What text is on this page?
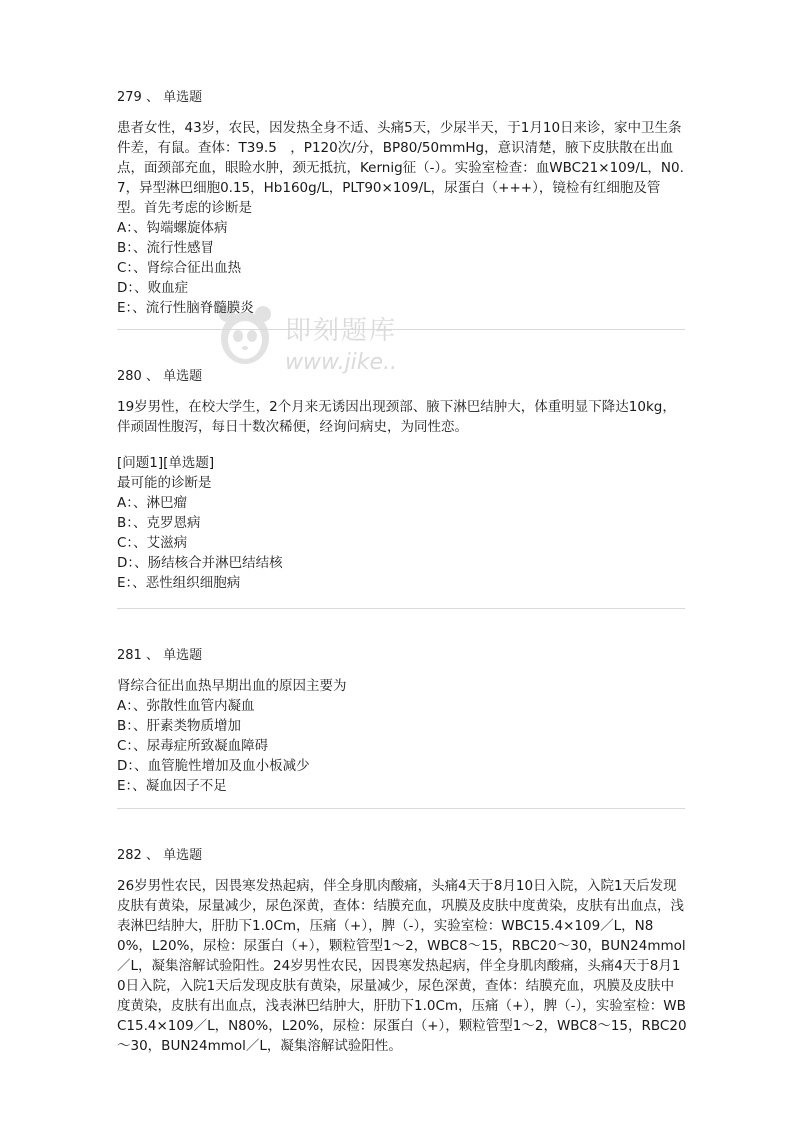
即刻题库
www.jike..
279 、 单选题

患者女性，43岁，农民，因发热全身不适、头痛5天，少尿半天，于1月10日来诊，家中卫生条件差，有鼠。查体：T39.5　，P120次/分，BP80/50mmHg，意识清楚，腋下皮肤散在出血点，面颈部充血，眼睑水肿，颈无抵抗，Kernig征（-）。实验室检查：血WBC21×109/L，N0.7，异型淋巴细胞0.15，Hb160g/L，PLT90×109/L，尿蛋白（+++），镜检有红细胞及管型。首先考虑的诊断是

A：、钩端螺旋体病
B：、流行性感冒
C：、肾综合征出血热
D：、败血症
E：、流行性脑脊髓膜炎
280 、 单选题

19岁男性，在校大学生，2个月来无诱因出现颈部、腋下淋巴结肿大，体重明显下降达10kg，伴顽固性腹泻，每日十数次稀便，经询问病史，为同性恋。

[问题1][单选题]
最可能的诊断是
A：、淋巴瘤
B：、克罗恩病
C：、艾滋病
D：、肠结核合并淋巴结结核
E：、恶性组织细胞病
281 、 单选题

肾综合征出血热早期出血的原因主要为

A：、弥散性血管内凝血
B：、肝素类物质增加
C：、尿毒症所致凝血障碍
D：、血管脆性增加及血小板减少
E：、凝血因子不足
282 、 单选题

26岁男性农民，因畏寒发热起病，伴全身肌肉酸痛，头痛4天于8月10日入院，入院1天后发现皮肤有黄染，尿量减少，尿色深黄，查体：结膜充血，巩膜及皮肤中度黄染，皮肤有出血点，浅表淋巴结肿大，肝肋下1.0Cm，压痛（+），脾（-），实验室检：WBC15.4×109／L，N80%，L20%，尿检：尿蛋白（+），颗粒管型1～2，WBC8～15，RBC20～30，BUN24mmol／L，凝集溶解试验阳性。24岁男性农民，因畏寒发热起病，伴全身肌肉酸痛，头痛4天于8月10日入院，入院1天后发现皮肤有黄染，尿量减少，尿色深黄，查体：结膜充血，巩膜及皮肤中度黄染，皮肤有出血点，浅表淋巴结肿大，肝肋下1.0Cm，压痛（+），脾（-），实验室检：WBC15.4×109／L，N80%，L20%，尿检：尿蛋白（+），颗粒管型1～2，WBC8～15，RBC20～30，BUN24mmol／L，凝集溶解试验阳性。
